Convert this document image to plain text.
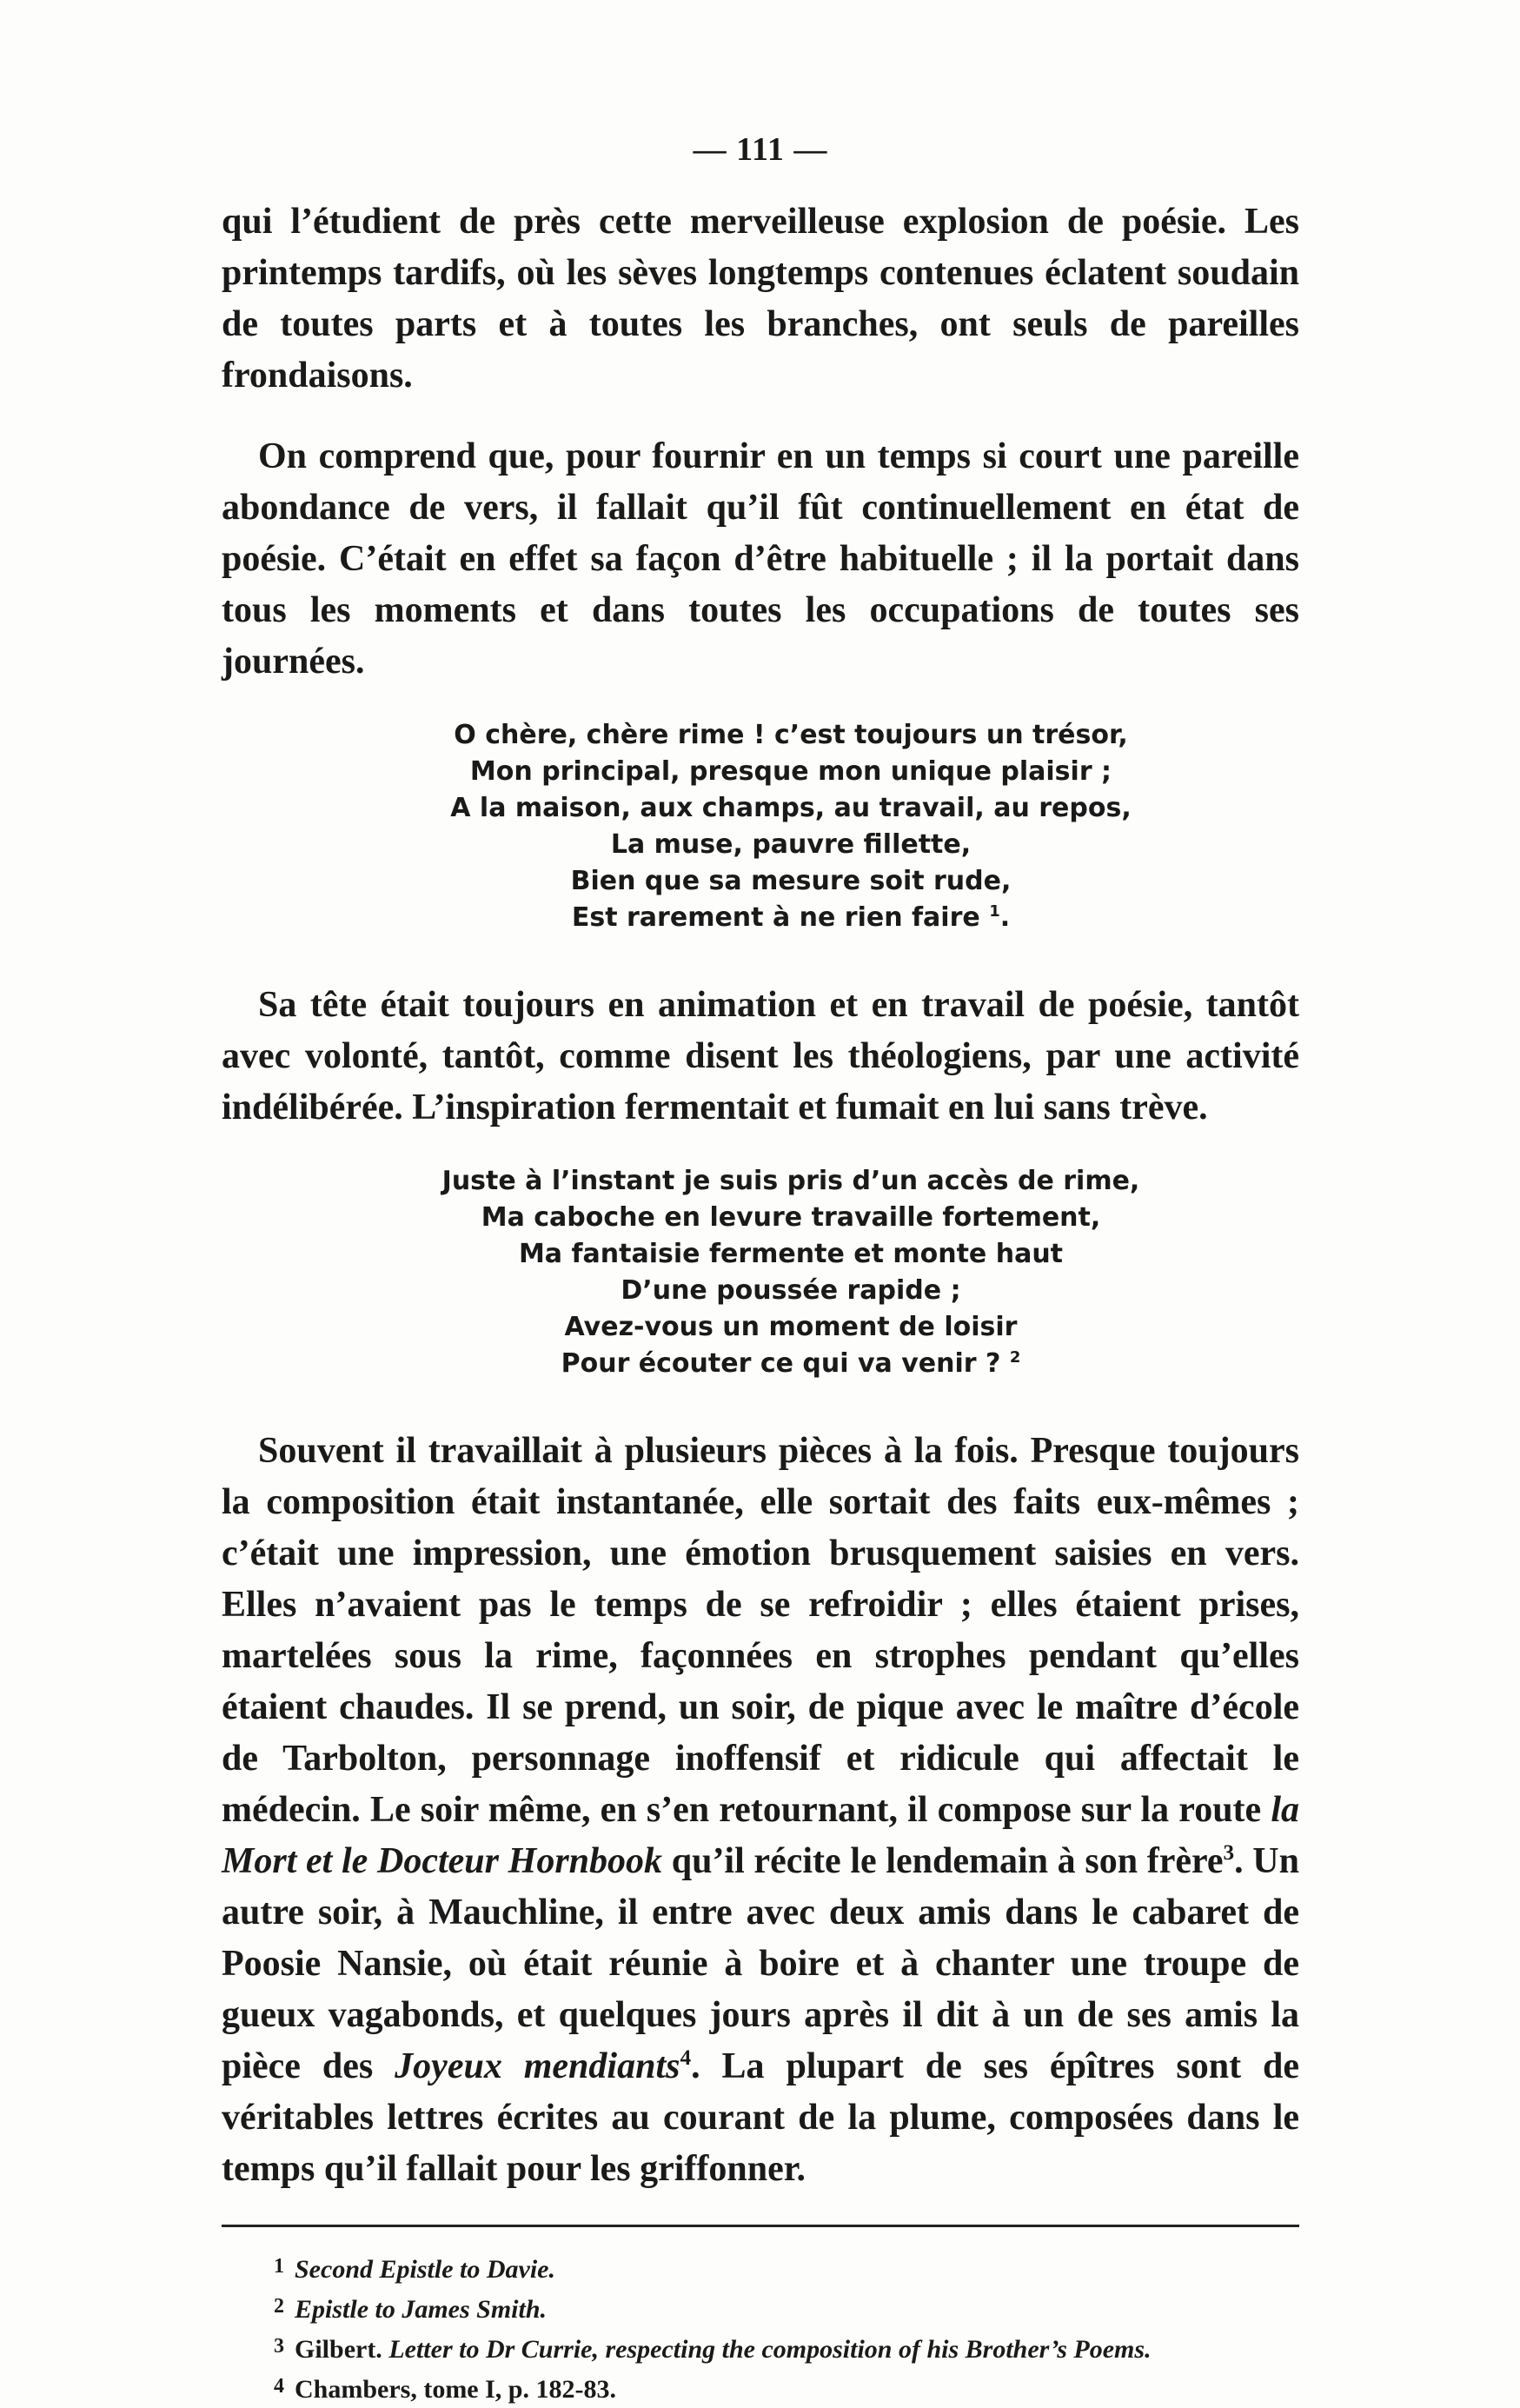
— 111 —

qui l’étudient de près cette merveilleuse explosion de poésie. Les printemps tardifs, où les sèves longtemps contenues éclatent soudain de toutes parts et à toutes les branches, ont seuls de pareilles frondaisons.

On comprend que, pour fournir en un temps si court une pareille abondance de vers, il fallait qu’il fût continuellement en état de poésie. C’était en effet sa façon d’être habituelle ; il la portait dans tous les moments et dans toutes les occupations de toutes ses journées.

O chère, chère rime ! c’est toujours un trésor,
Mon principal, presque mon unique plaisir ;
A la maison, aux champs, au travail, au repos,
La muse, pauvre fillette,
Bien que sa mesure soit rude,
Est rarement à ne rien faire $^1$.

Sa tête était toujours en animation et en travail de poésie, tantôt avec volonté, tantôt, comme disent les théologiens, par une activité indélibérée. L’inspiration fermentait et fumait en lui sans trève.

Juste à l’instant je suis pris d’un accès de rime,
Ma caboche en levure travaille fortement,
Ma fantaisie fermente et monte haut
D’une poussée rapide ;
Avez-vous un moment de loisir
Pour écouter ce qui va venir ? $^2$

Souvent il travaillait à plusieurs pièces à la fois. Presque toujours la composition était instantanée, elle sortait des faits eux-mêmes ; c’était une impression, une émotion brusquement saisies en vers. Elles n’avaient pas le temps de se refroidir ; elles étaient prises, martelées sous la rime, façonnées en strophes pendant qu’elles étaient chaudes. Il se prend, un soir, de pique avec le maître d’école de Tarbolton, personnage inoffensif et ridicule qui affectait le médecin. Le soir même, en s’en retournant, il compose sur la route la Mort et le Docteur Hornbook qu’il récite le lendemain à son frère$^3$. Un autre soir, à Mauchline, il entre avec deux amis dans le cabaret de Poosie Nansie, où était réunie à boire et à chanter une troupe de gueux vagabonds, et quelques jours après il dit à un de ses amis la pièce des Joyeux mendiants$^4$. La plupart de ses épîtres sont de véritables lettres écrites au courant de la plume, composées dans le temps qu’il fallait pour les griffonner.

$^1$ Second Epistle to Davie.
$^2$ Epistle to James Smith.
$^3$ Gilbert. Letter to Dr Currie, respecting the composition of his Brother’s Poems.
$^4$ Chambers, tome I, p. 182-83.
